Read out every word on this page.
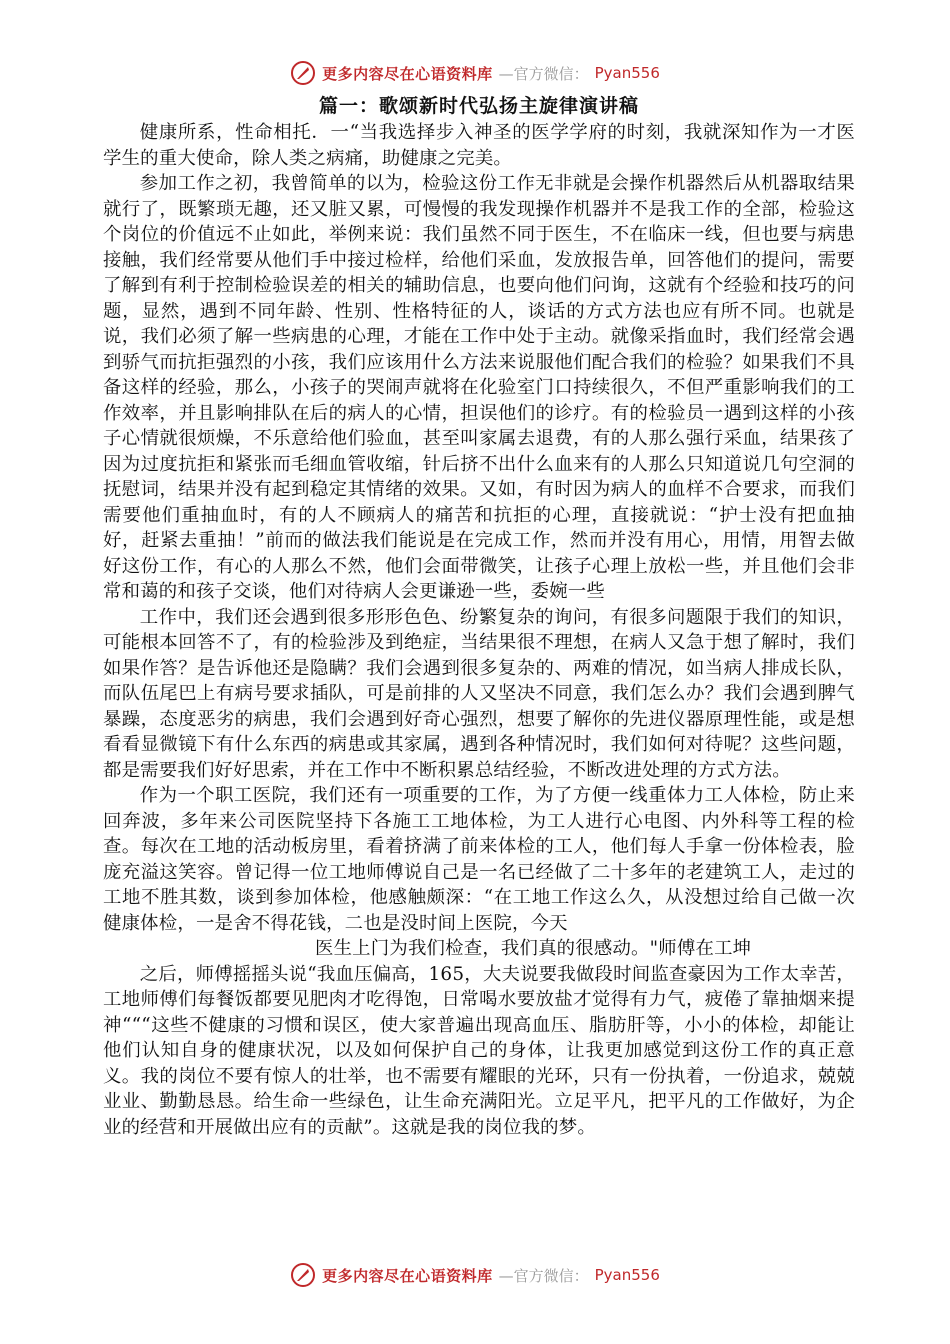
更多内容尽在心语资料库 —官方微信： Pyan556
篇一：歌颂新时代弘扬主旋律演讲稿

健康所系，性命相托．一“当我选择步入神圣的医学学府的时刻，我就深知作为一才医学生的重大使命，除人类之病痛，助健康之完美。

参加工作之初，我曾简单的以为，检验这份工作无非就是会操作机器然后从机器取结果就行了，既繁琐无趣，还又脏又累，可慢慢的我发现操作机器并不是我工作的全部，检验这个岗位的价值远不止如此，举例来说：我们虽然不同于医生，不在临床一线，但也要与病患接触，我们经常要从他们手中接过检样，给他们采血，发放报告单，回答他们的提问，需要了解到有利于控制检验误差的相关的辅助信息，也要向他们问询，这就有个经验和技巧的问题，显然，遇到不同年龄、性别、性格特征的人，谈话的方式方法也应有所不同。也就是说，我们必须了解一些病患的心理，才能在工作中处于主动。就像采指血时，我们经常会遇到骄气而抗拒强烈的小孩，我们应该用什么方法来说服他们配合我们的检验？如果我们不具备这样的经验，那么，小孩子的哭闹声就将在化验室门口持续很久，不但严重影响我们的工作效率，并且影响排队在后的病人的心情，担误他们的诊疗。有的检验员一遇到这样的小孩子心情就很烦燥，不乐意给他们验血，甚至叫家属去退费，有的人那么强行采血，结果孩了因为过度抗拒和紧张而毛细血管收缩，针后挤不出什么血来有的人那么只知道说几句空洞的抚慰词，结果并没有起到稳定其情绪的效果。又如，有时因为病人的血样不合要求，而我们需要他们重抽血时，有的人不顾病人的痛苦和抗拒的心理，直接就说：“护士没有把血抽好，赶紧去重抽！”前而的做法我们能说是在完成工作，然而并没有用心，用情，用智去做好这份工作，有心的人那么不然，他们会面带微笑，让孩子心理上放松一些，并且他们会非常和蔼的和孩子交谈，他们对待病人会更谦逊一些，委婉一些

工作中，我们还会遇到很多形形色色、纷繁复杂的询问，有很多问题限于我们的知识，可能根本回答不了，有的检验涉及到绝症，当结果很不理想，在病人又急于想了解时，我们如果作答？是告诉他还是隐瞒？我们会遇到很多复杂的、两难的情况，如当病人排成长队，而队伍尾巴上有病号要求插队，可是前排的人又坚决不同意，我们怎么办？我们会遇到脾气暴躁，态度恶劣的病患，我们会遇到好奇心强烈，想要了解你的先进仪器原理性能，或是想看看显微镜下有什么东西的病患或其家属，遇到各种情况时，我们如何对待呢？这些问题，都是需要我们好好思索，并在工作中不断积累总结经验，不断改进处理的方式方法。

作为一个职工医院，我们还有一项重要的工作，为了方便一线重体力工人体检，防止来回奔波，多年来公司医院坚持下各施工工地体检，为工人进行心电图、内外科等工程的检查。每次在工地的活动板房里，看着挤满了前来体检的工人，他们每人手拿一份体检表，脸庞充溢这笑容。曾记得一位工地师傅说自己是一名已经做了二十多年的老建筑工人，走过的工地不胜其数，谈到参加体检，他感触颇深：“在工地工作这么久，从没想过给自己做一次健康体检，一是舍不得花钱，二也是没时间上医院，今天

医生上门为我们检查，我们真的很感动。"师傅在工坤

之后，师傅摇摇头说“我血压偏高，165，大夫说要我做段时间监查豪因为工作太幸苦，工地师傅们每餐饭都要见肥肉才吃得饱，日常喝水要放盐才觉得有力气，疲倦了靠抽烟来提神“““这些不健康的习惯和误区，使大家普遍出现高血压、脂肪肝等，小小的体检，却能让他们认知自身的健康状况，以及如何保护自己的身体，让我更加感觉到这份工作的真正意义。我的岗位不要有惊人的壮举，也不需要有耀眼的光环，只有一份执着，一份追求，兢兢业业、勤勤恳恳。给生命一些绿色，让生命充满阳光。立足平凡，把平凡的工作做好，为企业的经营和开展做出应有的贡献”。这就是我的岗位我的梦。

更多内容尽在心语资料库 —官方微信： Pyan556
